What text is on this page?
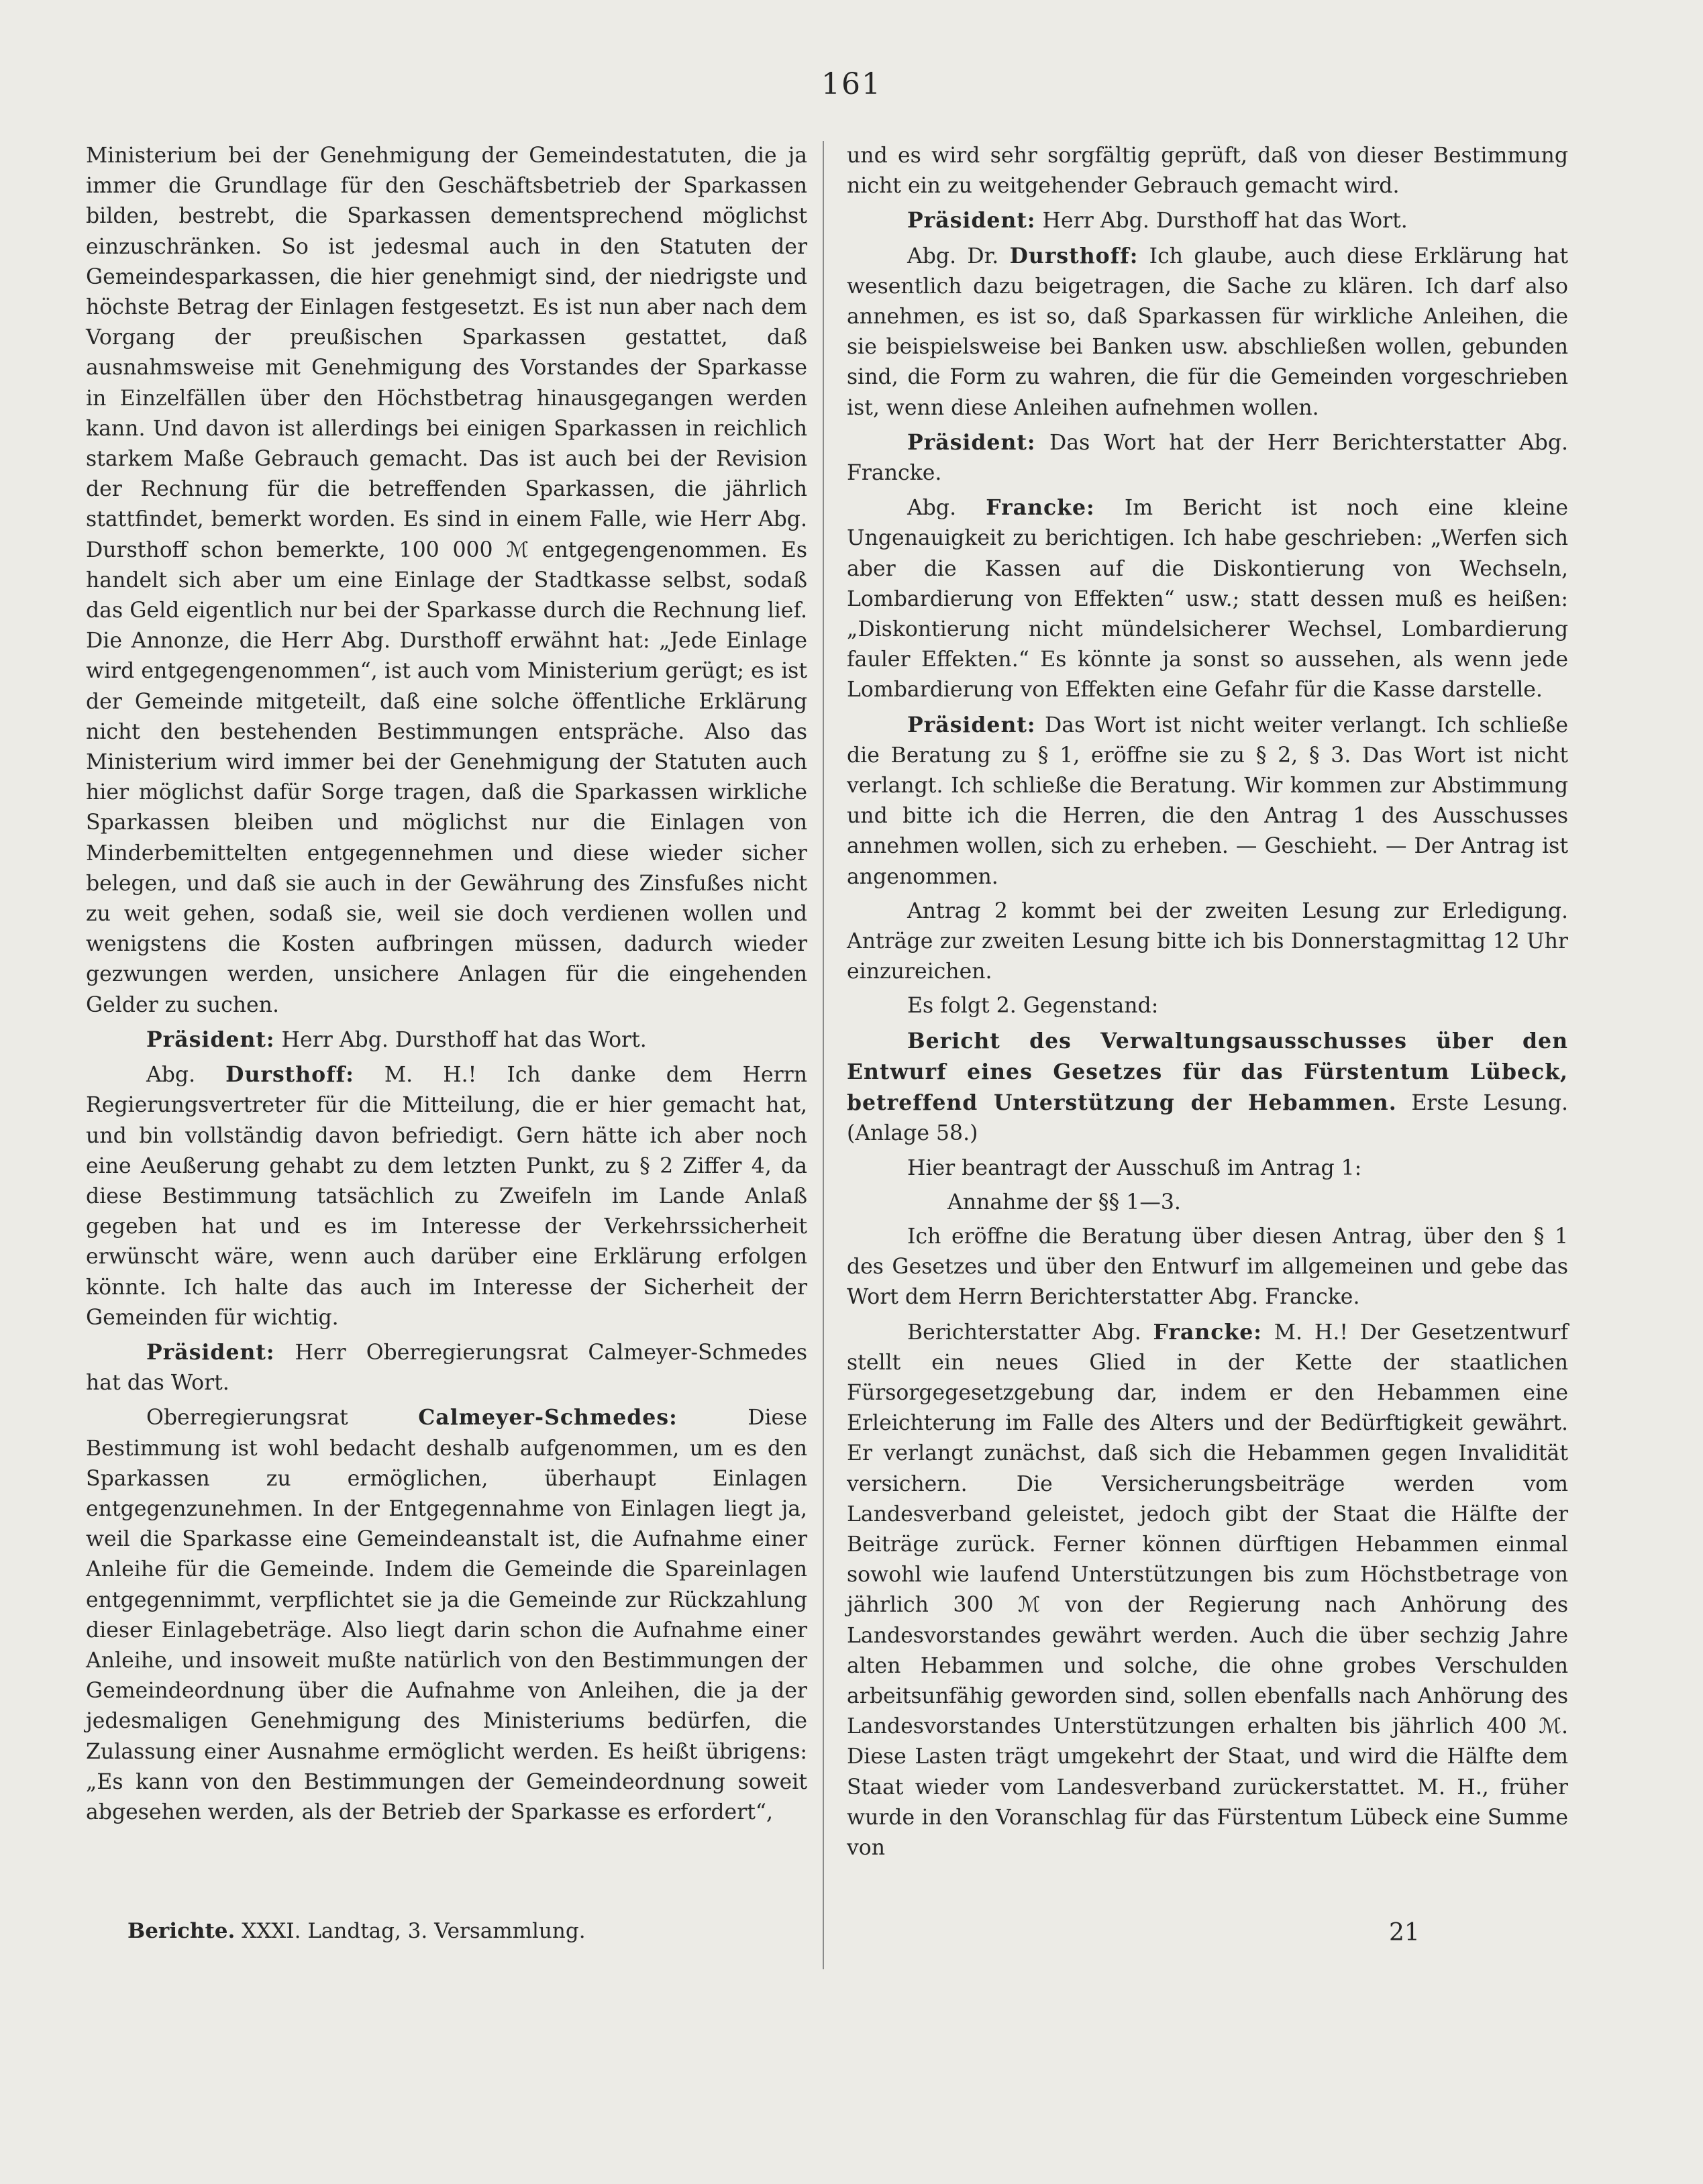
161

Ministerium bei der Genehmigung der Gemeindestatuten, die ja immer die Grundlage für den Geschäftsbetrieb der Sparkassen bilden, bestrebt, die Sparkassen dementsprechend möglichst einzuschränken. So ist jedesmal auch in den Statuten der Gemeindesparkassen, die hier genehmigt sind, der niedrigste und höchste Betrag der Einlagen festgesetzt. Es ist nun aber nach dem Vorgang der preußischen Sparkassen gestattet, daß ausnahmsweise mit Genehmigung des Vorstandes der Sparkasse in Einzelfällen über den Höchstbetrag hinausgegangen werden kann. Und davon ist allerdings bei einigen Sparkassen in reichlich starkem Maße Gebrauch gemacht. Das ist auch bei der Revision der Rechnung für die betreffenden Sparkassen, die jährlich stattfindet, bemerkt worden. Es sind in einem Falle, wie Herr Abg. Dursthoff schon bemerkte, 100 000 ℳ entgegengenommen. Es handelt sich aber um eine Einlage der Stadtkasse selbst, sodaß das Geld eigentlich nur bei der Sparkasse durch die Rechnung lief. Die Annonze, die Herr Abg. Dursthoff erwähnt hat: „Jede Einlage wird entgegengenommen“, ist auch vom Ministerium gerügt; es ist der Gemeinde mitgeteilt, daß eine solche öffentliche Erklärung nicht den bestehenden Bestimmungen entspräche. Also das Ministerium wird immer bei der Genehmigung der Statuten auch hier möglichst dafür Sorge tragen, daß die Sparkassen wirkliche Sparkassen bleiben und möglichst nur die Einlagen von Minderbemittelten entgegennehmen und diese wieder sicher belegen, und daß sie auch in der Gewährung des Zinsfußes nicht zu weit gehen, sodaß sie, weil sie doch verdienen wollen und wenigstens die Kosten aufbringen müssen, dadurch wieder gezwungen werden, unsichere Anlagen für die eingehenden Gelder zu suchen.

Präsident: Herr Abg. Dursthoff hat das Wort.

Abg. Dursthoff: M. H.! Ich danke dem Herrn Regierungsvertreter für die Mitteilung, die er hier gemacht hat, und bin vollständig davon befriedigt. Gern hätte ich aber noch eine Aeußerung gehabt zu dem letzten Punkt, zu § 2 Ziffer 4, da diese Bestimmung tatsächlich zu Zweifeln im Lande Anlaß gegeben hat und es im Interesse der Verkehrssicherheit erwünscht wäre, wenn auch darüber eine Erklärung erfolgen könnte. Ich halte das auch im Interesse der Sicherheit der Gemeinden für wichtig.

Präsident: Herr Oberregierungsrat Calmeyer-Schmedes hat das Wort.

Oberregierungsrat Calmeyer-Schmedes: Diese Bestimmung ist wohl bedacht deshalb aufgenommen, um es den Sparkassen zu ermöglichen, überhaupt Einlagen entgegenzunehmen. In der Entgegennahme von Einlagen liegt ja, weil die Sparkasse eine Gemeindeanstalt ist, die Aufnahme einer Anleihe für die Gemeinde. Indem die Gemeinde die Spareinlagen entgegennimmt, verpflichtet sie ja die Gemeinde zur Rückzahlung dieser Einlagebeträge. Also liegt darin schon die Aufnahme einer Anleihe, und insoweit mußte natürlich von den Bestimmungen der Gemeindeordnung über die Aufnahme von Anleihen, die ja der jedesmaligen Genehmigung des Ministeriums bedürfen, die Zulassung einer Ausnahme ermöglicht werden. Es heißt übrigens: „Es kann von den Bestimmungen der Gemeindeordnung soweit abgesehen werden, als der Betrieb der Sparkasse es erfordert“,

und es wird sehr sorgfältig geprüft, daß von dieser Bestimmung nicht ein zu weitgehender Gebrauch gemacht wird.

Präsident: Herr Abg. Dursthoff hat das Wort.

Abg. Dr. Dursthoff: Ich glaube, auch diese Erklärung hat wesentlich dazu beigetragen, die Sache zu klären. Ich darf also annehmen, es ist so, daß Sparkassen für wirkliche Anleihen, die sie beispielsweise bei Banken usw. abschließen wollen, gebunden sind, die Form zu wahren, die für die Gemeinden vorgeschrieben ist, wenn diese Anleihen aufnehmen wollen.

Präsident: Das Wort hat der Herr Berichterstatter Abg. Francke.

Abg. Francke: Im Bericht ist noch eine kleine Ungenauigkeit zu berichtigen. Ich habe geschrieben: „Werfen sich aber die Kassen auf die Diskontierung von Wechseln, Lombardierung von Effekten“ usw.; statt dessen muß es heißen: „Diskontierung nicht mündelsicherer Wechsel, Lombardierung fauler Effekten.“ Es könnte ja sonst so aussehen, als wenn jede Lombardierung von Effekten eine Gefahr für die Kasse darstelle.

Präsident: Das Wort ist nicht weiter verlangt. Ich schließe die Beratung zu § 1, eröffne sie zu § 2, § 3. Das Wort ist nicht verlangt. Ich schließe die Beratung. Wir kommen zur Abstimmung und bitte ich die Herren, die den Antrag 1 des Ausschusses annehmen wollen, sich zu erheben. — Geschieht. — Der Antrag ist angenommen.

Antrag 2 kommt bei der zweiten Lesung zur Erledigung. Anträge zur zweiten Lesung bitte ich bis Donnerstagmittag 12 Uhr einzureichen.

Es folgt 2. Gegenstand:

Bericht des Verwaltungsausschusses über den Entwurf eines Gesetzes für das Fürstentum Lübeck, betreffend Unterstützung der Hebammen. Erste Lesung. (Anlage 58.)

Hier beantragt der Ausschuß im Antrag 1:

Annahme der §§ 1—3.

Ich eröffne die Beratung über diesen Antrag, über den § 1 des Gesetzes und über den Entwurf im allgemeinen und gebe das Wort dem Herrn Berichterstatter Abg. Francke.

Berichterstatter Abg. Francke: M. H.! Der Gesetzentwurf stellt ein neues Glied in der Kette der staatlichen Fürsorgegesetzgebung dar, indem er den Hebammen eine Erleichterung im Falle des Alters und der Bedürftigkeit gewährt. Er verlangt zunächst, daß sich die Hebammen gegen Invalidität versichern. Die Versicherungsbeiträge werden vom Landesverband geleistet, jedoch gibt der Staat die Hälfte der Beiträge zurück. Ferner können dürftigen Hebammen einmal sowohl wie laufend Unterstützungen bis zum Höchstbetrage von jährlich 300 ℳ von der Regierung nach Anhörung des Landesvorstandes gewährt werden. Auch die über sechzig Jahre alten Hebammen und solche, die ohne grobes Verschulden arbeitsunfähig geworden sind, sollen ebenfalls nach Anhörung des Landesvorstandes Unterstützungen erhalten bis jährlich 400 ℳ. Diese Lasten trägt umgekehrt der Staat, und wird die Hälfte dem Staat wieder vom Landesverband zurückerstattet. M. H., früher wurde in den Voranschlag für das Fürstentum Lübeck eine Summe von

Berichte. XXXI. Landtag, 3. Versammlung.	21
